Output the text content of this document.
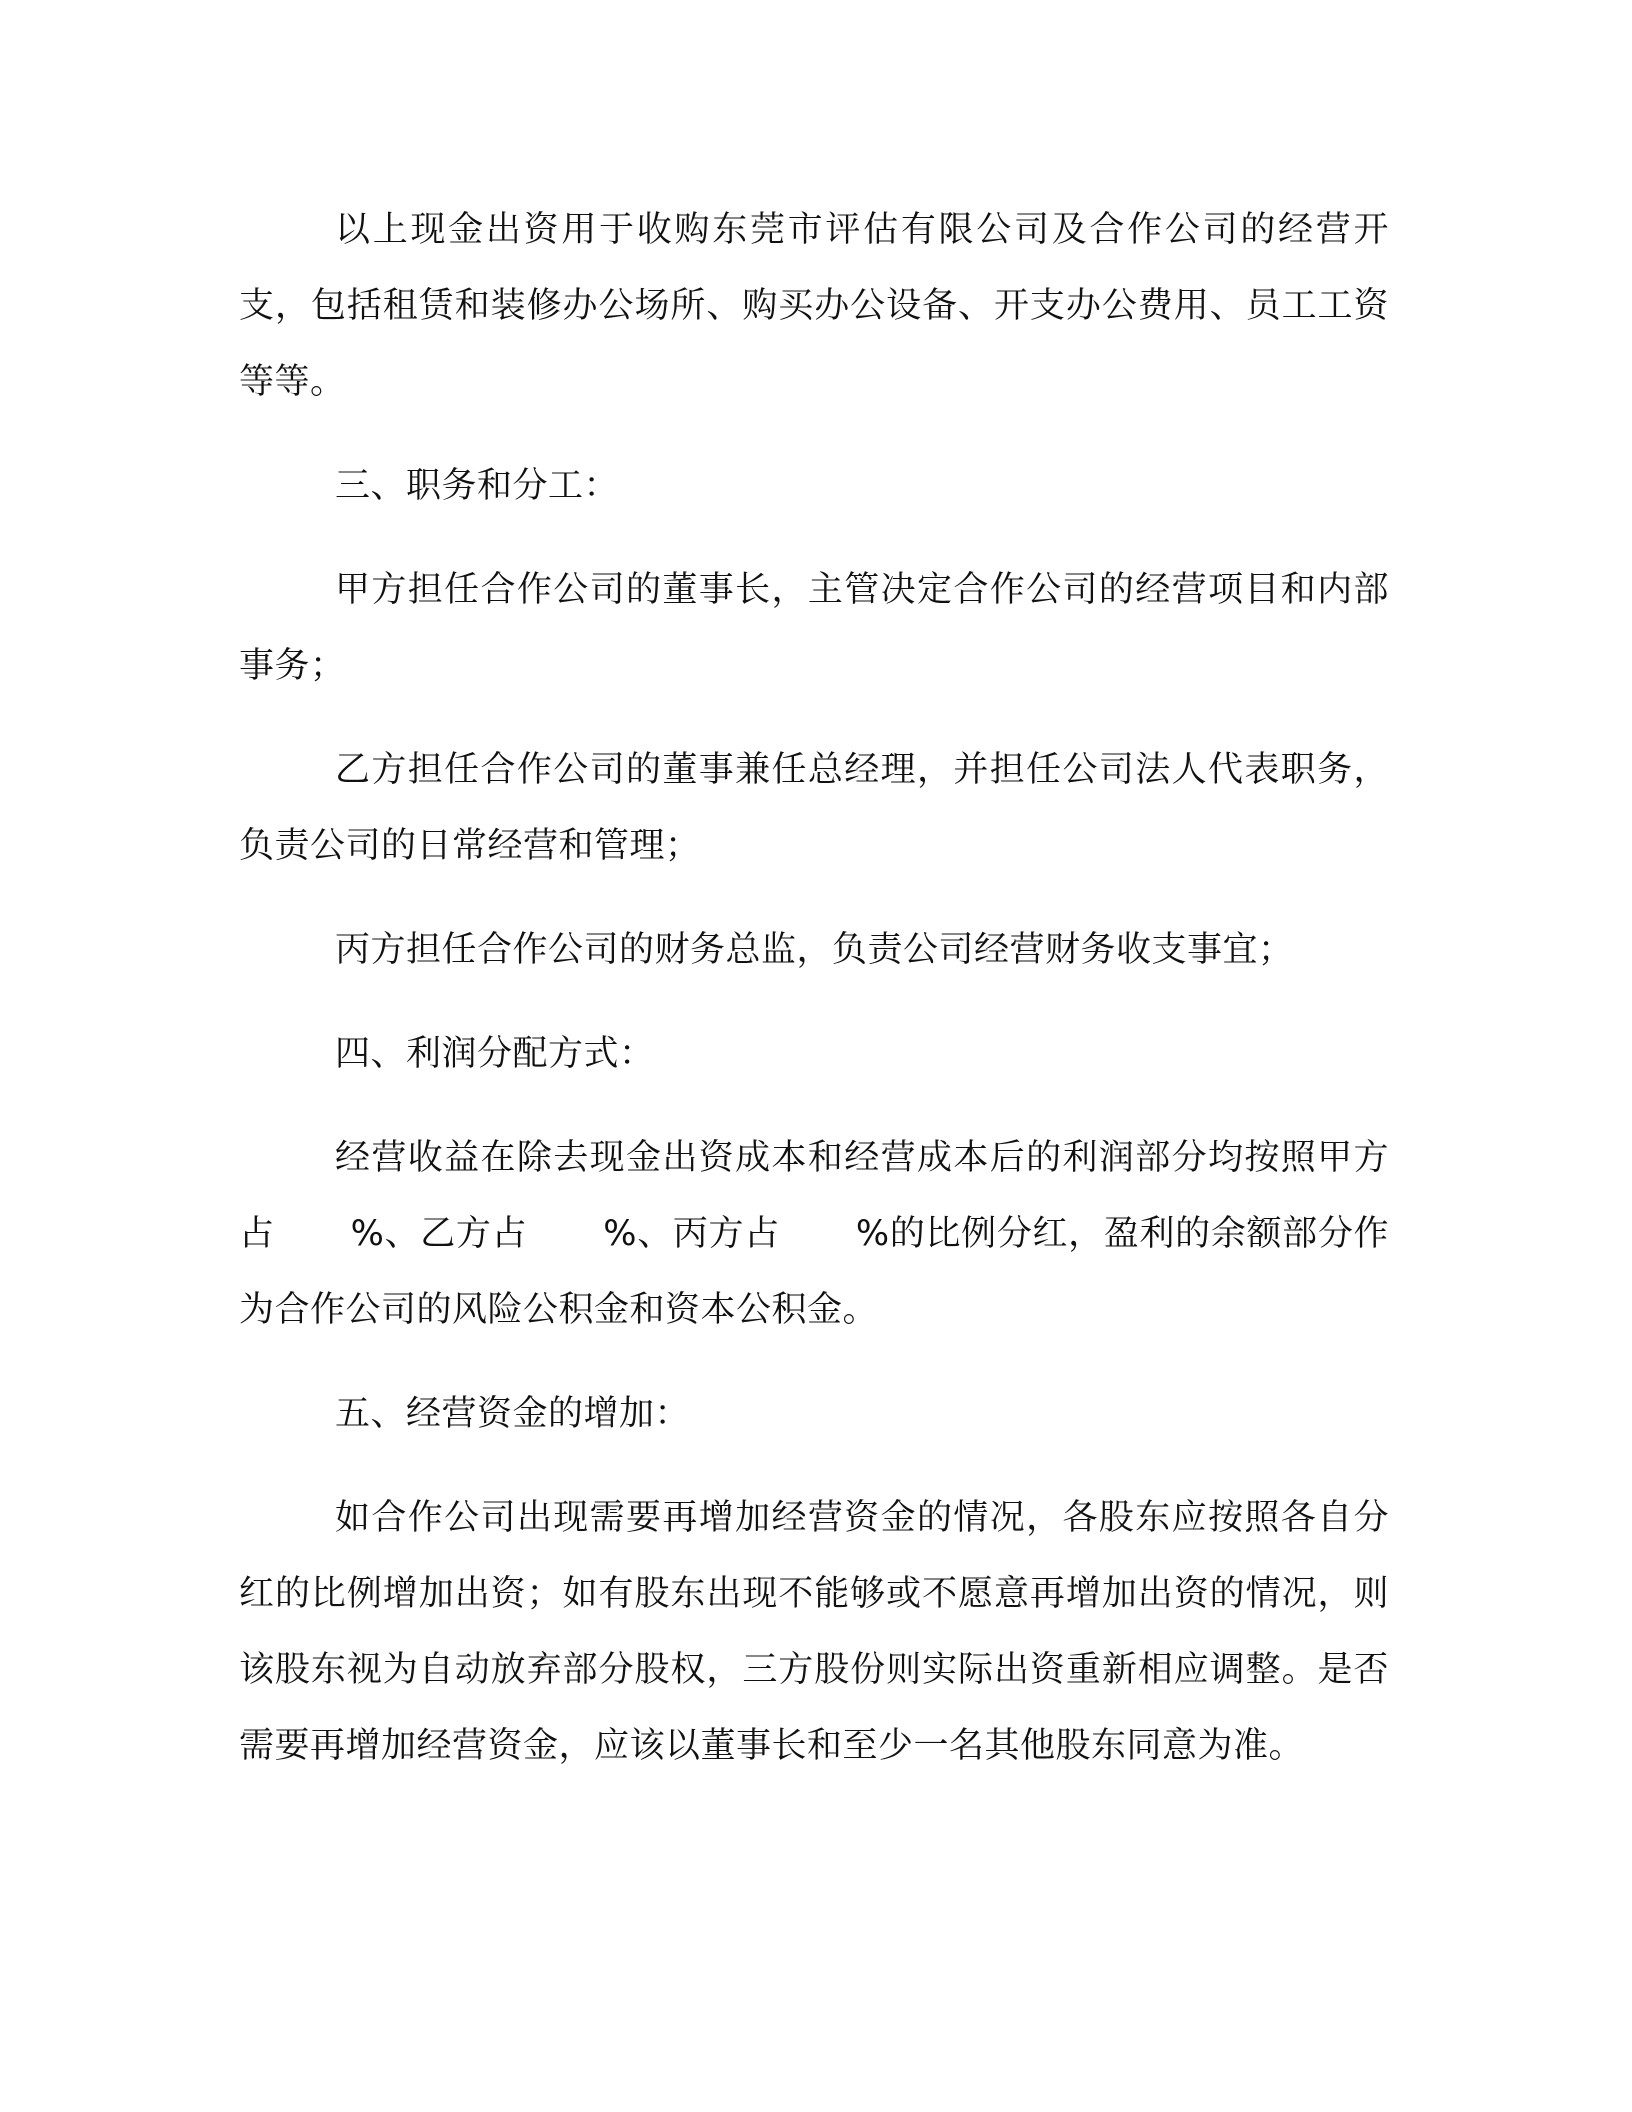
以上现金出资用于收购东莞市评估有限公司及合作公司的经营开支，包括租赁和装修办公场所、购买办公设备、开支办公费用、员工工资等等。

三、职务和分工：

甲方担任合作公司的董事长，主管决定合作公司的经营项目和内部事务；

乙方担任合作公司的董事兼任总经理，并担任公司法人代表职务，负责公司的日常经营和管理；

丙方担任合作公司的财务总监，负责公司经营财务收支事宜；

四、利润分配方式：

经营收益在除去现金出资成本和经营成本后的利润部分均按照甲方占 %、乙方占 %、丙方占 %的比例分红，盈利的余额部分作为合作公司的风险公积金和资本公积金。

五、经营资金的增加：

如合作公司出现需要再增加经营资金的情况，各股东应按照各自分红的比例增加出资；如有股东出现不能够或不愿意再增加出资的情况，则该股东视为自动放弃部分股权，三方股份则实际出资重新相应调整。是否需要再增加经营资金，应该以董事长和至少一名其他股东同意为准。
